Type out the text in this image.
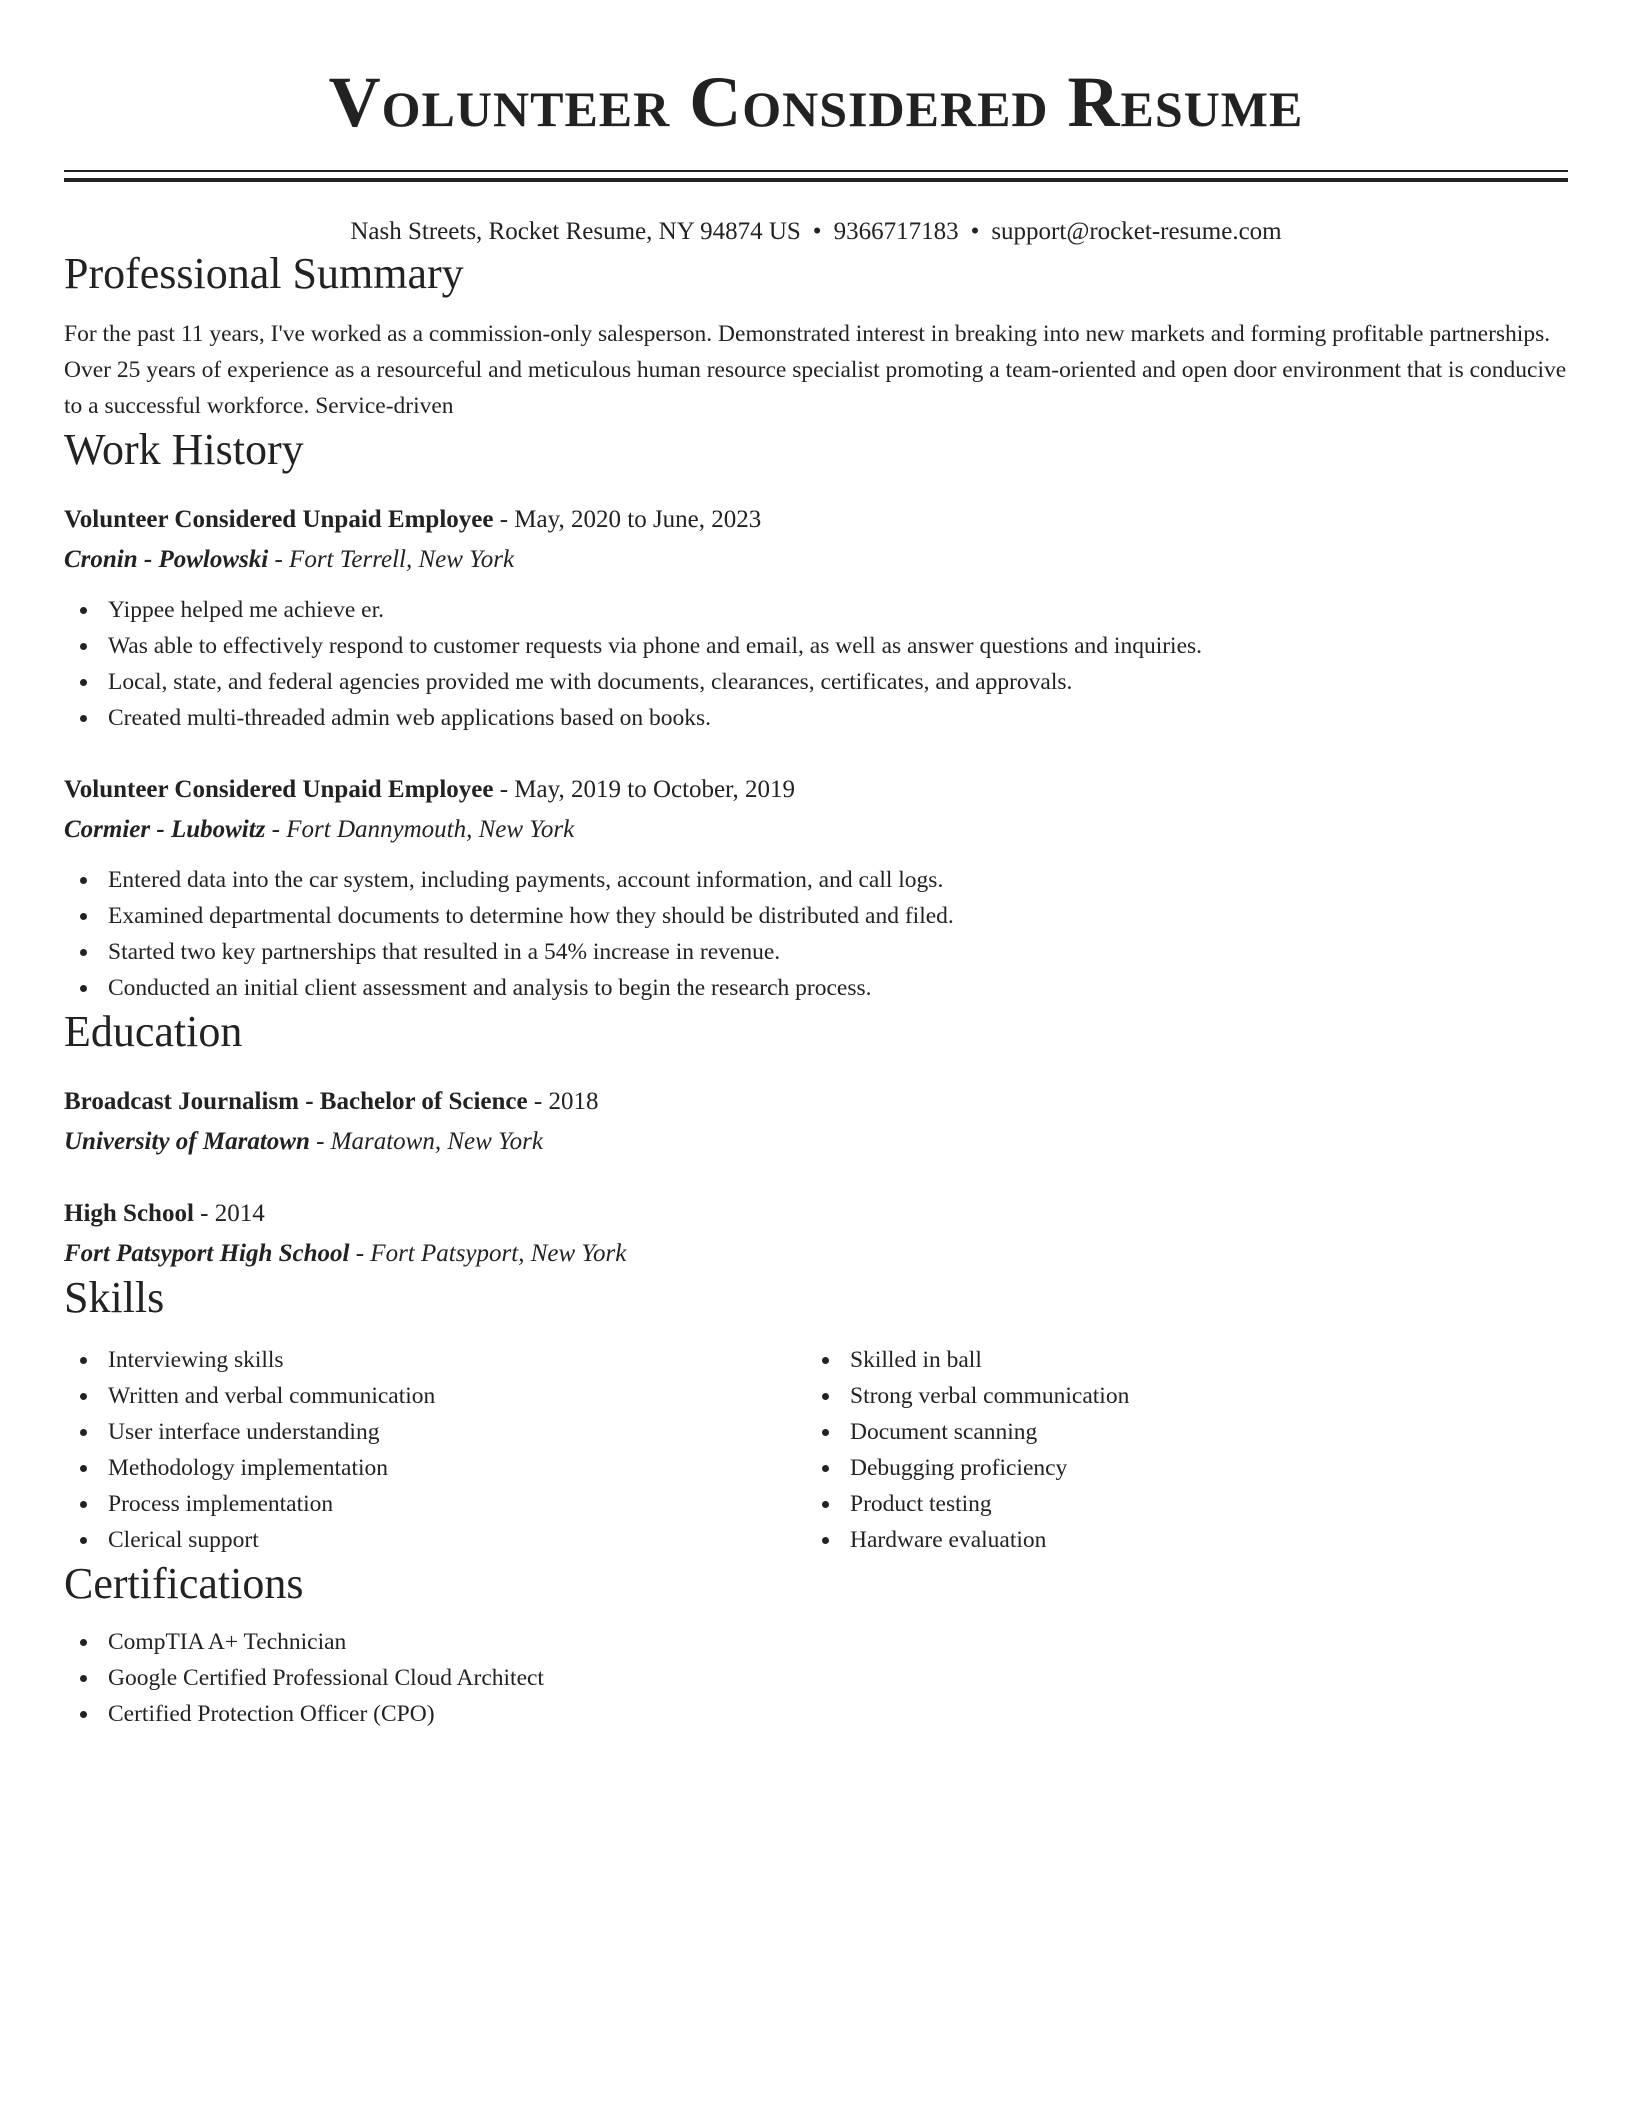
Volunteer Considered Resume
Nash Streets, Rocket Resume, NY 94874 US • 9366717183 • support@rocket-resume.com
Professional Summary
For the past 11 years, I've worked as a commission-only salesperson. Demonstrated interest in breaking into new markets and forming profitable partnerships. Over 25 years of experience as a resourceful and meticulous human resource specialist promoting a team-oriented and open door environment that is conducive to a successful workforce. Service-driven
Work History
Volunteer Considered Unpaid Employee - May, 2020 to June, 2023
Cronin - Powlowski - Fort Terrell, New York
Yippee helped me achieve er.
Was able to effectively respond to customer requests via phone and email, as well as answer questions and inquiries.
Local, state, and federal agencies provided me with documents, clearances, certificates, and approvals.
Created multi-threaded admin web applications based on books.
Volunteer Considered Unpaid Employee - May, 2019 to October, 2019
Cormier - Lubowitz - Fort Dannymouth, New York
Entered data into the car system, including payments, account information, and call logs.
Examined departmental documents to determine how they should be distributed and filed.
Started two key partnerships that resulted in a 54% increase in revenue.
Conducted an initial client assessment and analysis to begin the research process.
Education
Broadcast Journalism - Bachelor of Science - 2018
University of Maratown - Maratown, New York
High School - 2014
Fort Patsyport High School - Fort Patsyport, New York
Skills
Interviewing skills
Written and verbal communication
User interface understanding
Methodology implementation
Process implementation
Clerical support
Skilled in ball
Strong verbal communication
Document scanning
Debugging proficiency
Product testing
Hardware evaluation
Certifications
CompTIA A+ Technician
Google Certified Professional Cloud Architect
Certified Protection Officer (CPO)
